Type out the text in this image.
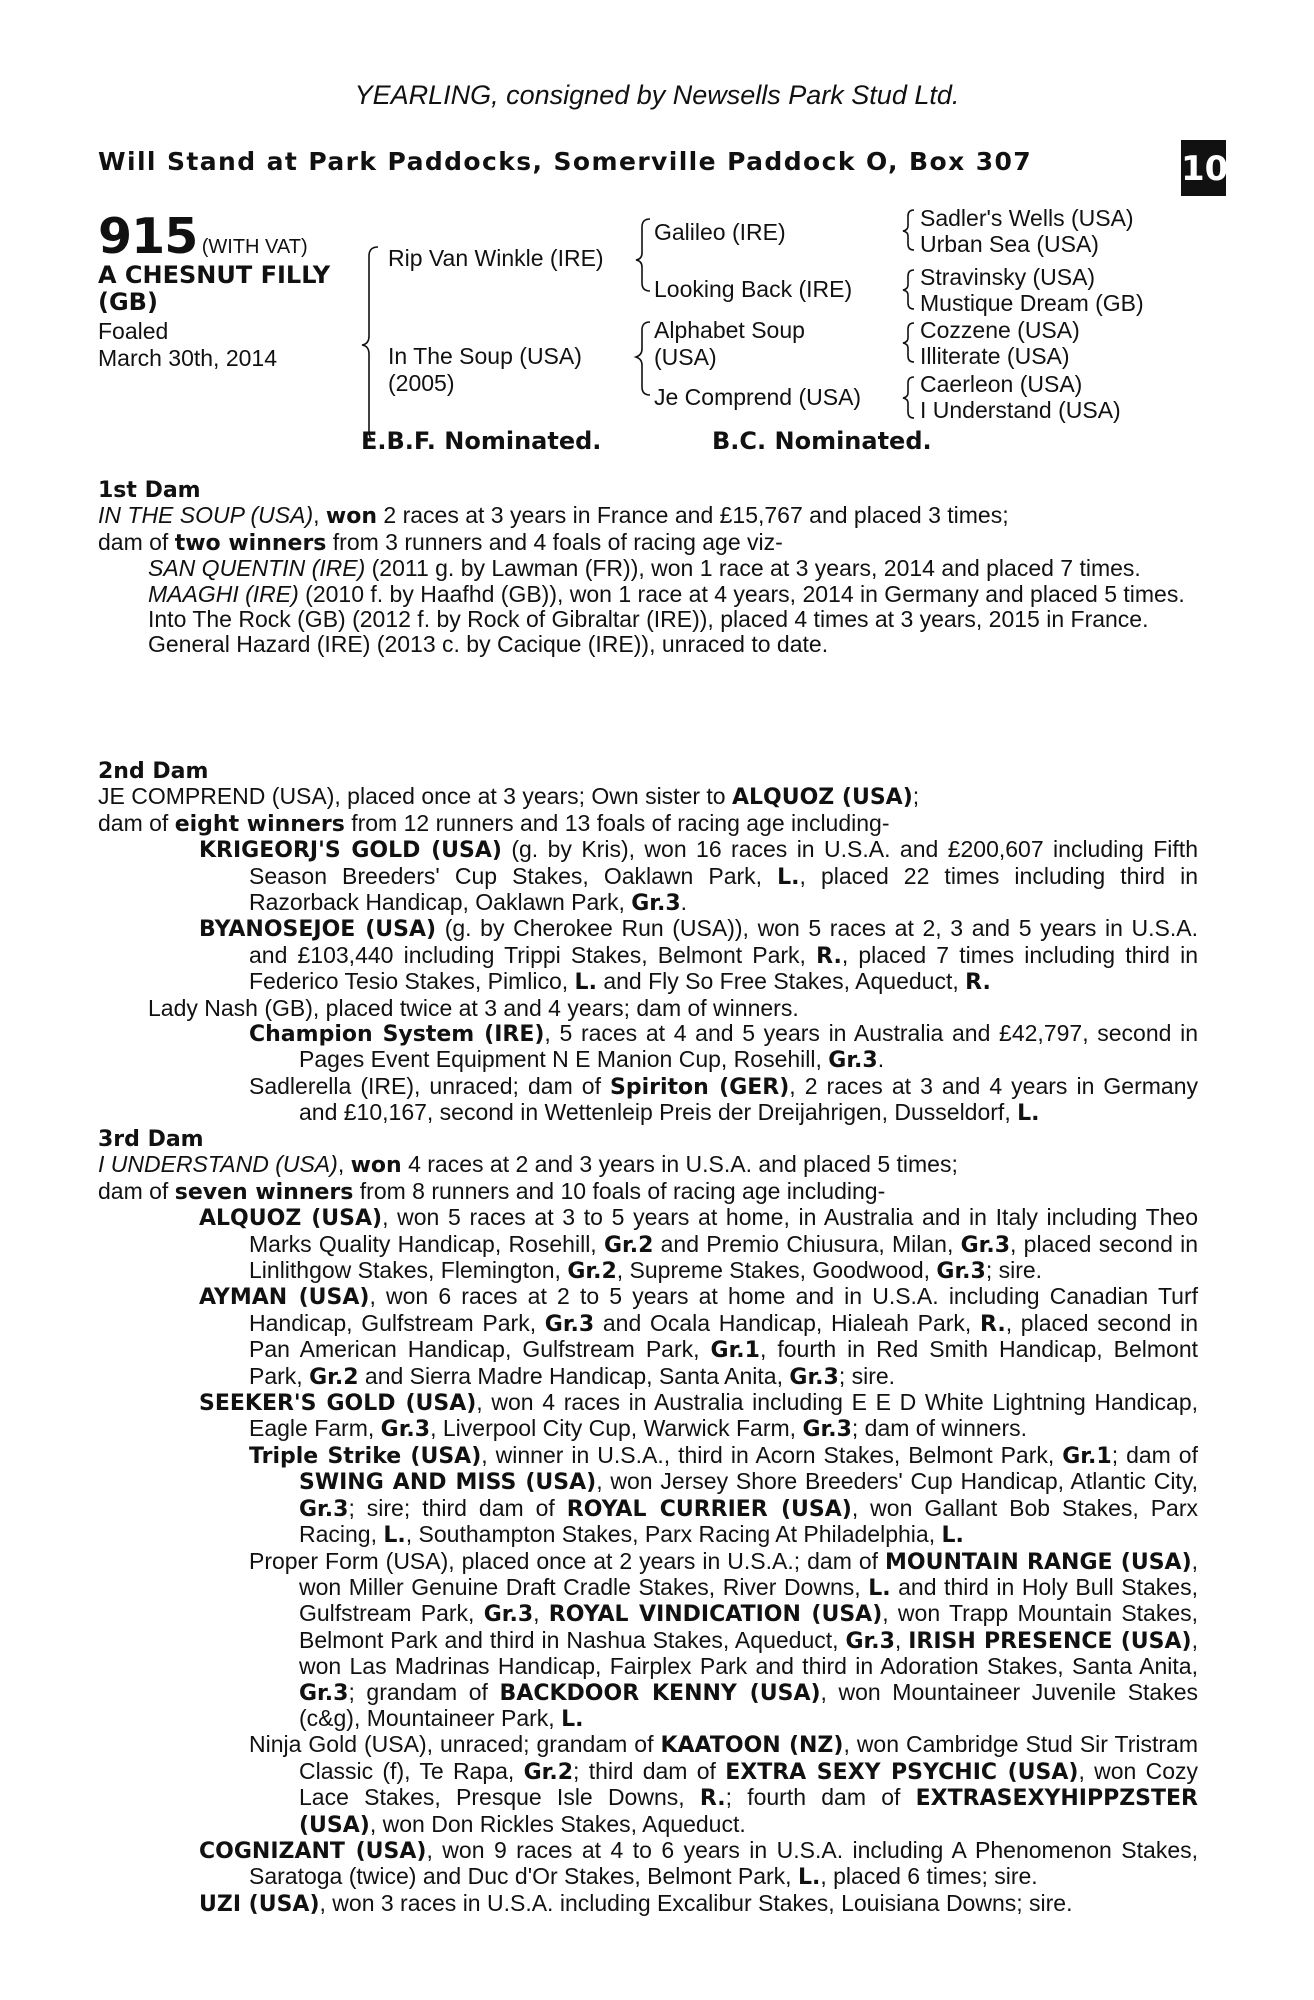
YEARLING, consigned by Newsells Park Stud Ltd.
Will Stand at Park Paddocks, Somerville Paddock O, Box 307
+
10
915 (WITH VAT)
A CHESNUT FILLY
(GB)
Foaled
March 30th, 2014
Rip Van Winkle (IRE)
In The Soup (USA)
(2005)
Galileo (IRE)
Looking Back (IRE)
Alphabet Soup
(USA)
Je Comprend (USA)
Sadler's Wells (USA)
Urban Sea (USA)
Stravinsky (USA)
Mustique Dream (GB)
Cozzene (USA)
Illiterate (USA)
Caerleon (USA)
I Understand (USA)
E.B.F. Nominated.	B.C. Nominated.
1st Dam

IN THE SOUP (USA), won 2 races at 3 years in France and £15,767 and placed 3 times;

dam of two winners from 3 runners and 4 foals of racing age viz-

SAN QUENTIN (IRE) (2011 g. by Lawman (FR)), won 1 race at 3 years, 2014 and placed 7 times.

MAAGHI (IRE) (2010 f. by Haafhd (GB)), won 1 race at 4 years, 2014 in Germany and placed 5 times.

Into The Rock (GB) (2012 f. by Rock of Gibraltar (IRE)), placed 4 times at 3 years, 2015 in France.

General Hazard (IRE) (2013 c. by Cacique (IRE)), unraced to date.

2nd Dam

JE COMPREND (USA), placed once at 3 years; Own sister to ALQUOZ (USA);

dam of eight winners from 12 runners and 13 foals of racing age including-

KRIGEORJ'S GOLD (USA) (g. by Kris), won 16 races in U.S.A. and £200,607 including Fifth Season Breeders' Cup Stakes, Oaklawn Park, L., placed 22 times including third in Razorback Handicap, Oaklawn Park, Gr.3.

BYANOSEJOE (USA) (g. by Cherokee Run (USA)), won 5 races at 2, 3 and 5 years in U.S.A. and £103,440 including Trippi Stakes, Belmont Park, R., placed 7 times including third in Federico Tesio Stakes, Pimlico, L. and Fly So Free Stakes, Aqueduct, R.

Lady Nash (GB), placed twice at 3 and 4 years; dam of winners.

Champion System (IRE), 5 races at 4 and 5 years in Australia and £42,797, second in Pages Event Equipment N E Manion Cup, Rosehill, Gr.3.

Sadlerella (IRE), unraced; dam of Spiriton (GER), 2 races at 3 and 4 years in Germany and £10,167, second in Wettenleip Preis der Dreijahrigen, Dusseldorf, L.

3rd Dam

I UNDERSTAND (USA), won 4 races at 2 and 3 years in U.S.A. and placed 5 times;

dam of seven winners from 8 runners and 10 foals of racing age including-

ALQUOZ (USA), won 5 races at 3 to 5 years at home, in Australia and in Italy including Theo Marks Quality Handicap, Rosehill, Gr.2 and Premio Chiusura, Milan, Gr.3, placed second in Linlithgow Stakes, Flemington, Gr.2, Supreme Stakes, Goodwood, Gr.3; sire.

AYMAN (USA), won 6 races at 2 to 5 years at home and in U.S.A. including Canadian Turf Handicap, Gulfstream Park, Gr.3 and Ocala Handicap, Hialeah Park, R., placed second in Pan American Handicap, Gulfstream Park, Gr.1, fourth in Red Smith Handicap, Belmont Park, Gr.2 and Sierra Madre Handicap, Santa Anita, Gr.3; sire.

SEEKER'S GOLD (USA), won 4 races in Australia including E E D White Lightning Handicap, Eagle Farm, Gr.3, Liverpool City Cup, Warwick Farm, Gr.3; dam of winners.

Triple Strike (USA), winner in U.S.A., third in Acorn Stakes, Belmont Park, Gr.1; dam of SWING AND MISS (USA), won Jersey Shore Breeders' Cup Handicap, Atlantic City, Gr.3; sire; third dam of ROYAL CURRIER (USA), won Gallant Bob Stakes, Parx Racing, L., Southampton Stakes, Parx Racing At Philadelphia, L.

Proper Form (USA), placed once at 2 years in U.S.A.; dam of MOUNTAIN RANGE (USA), won Miller Genuine Draft Cradle Stakes, River Downs, L. and third in Holy Bull Stakes, Gulfstream Park, Gr.3, ROYAL VINDICATION (USA), won Trapp Mountain Stakes, Belmont Park and third in Nashua Stakes, Aqueduct, Gr.3, IRISH PRESENCE (USA), won Las Madrinas Handicap, Fairplex Park and third in Adoration Stakes, Santa Anita, Gr.3; grandam of BACKDOOR KENNY (USA), won Mountaineer Juvenile Stakes (c&g), Mountaineer Park, L.

Ninja Gold (USA), unraced; grandam of KAATOON (NZ), won Cambridge Stud Sir Tristram Classic (f), Te Rapa, Gr.2; third dam of EXTRA SEXY PSYCHIC (USA), won Cozy Lace Stakes, Presque Isle Downs, R.; fourth dam of EXTRASEXYHIPPZSTER (USA), won Don Rickles Stakes, Aqueduct.

COGNIZANT (USA), won 9 races at 4 to 6 years in U.S.A. including A Phenomenon Stakes, Saratoga (twice) and Duc d'Or Stakes, Belmont Park, L., placed 6 times; sire.

UZI (USA), won 3 races in U.S.A. including Excalibur Stakes, Louisiana Downs; sire.
